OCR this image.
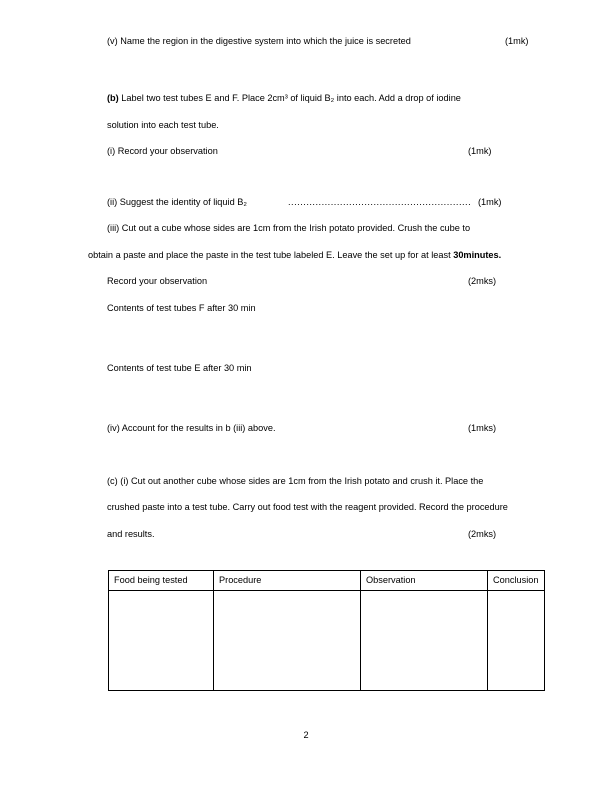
(v) Name the region in the digestive system into which the juice is secreted	(1mk)
(b) Label two test tubes E and F. Place 2cm³ of liquid B₂ into each. Add a drop of iodine
solution into each test tube.
(i) Record your observation	(1mk)
(ii) Suggest the identity of liquid B₂	............................................................ (1mk)
(iii) Cut out a cube whose sides are 1cm from the Irish potato provided. Crush the cube to
obtain a paste and place the paste in the test tube labeled E. Leave the set up for at least 30minutes.
Record your observation	(2mks)
Contents of test tubes F after 30 min
Contents of test tube E after 30 min
(iv) Account for the results in b (iii) above.	(1mks)
(c) (i) Cut out another cube whose sides are 1cm from the Irish potato and crush it. Place the
crushed paste into a test tube. Carry out food test with the reagent provided. Record the procedure
and results.	(2mks)
Food being tested	Procedure	Observation	Conclusion

2
